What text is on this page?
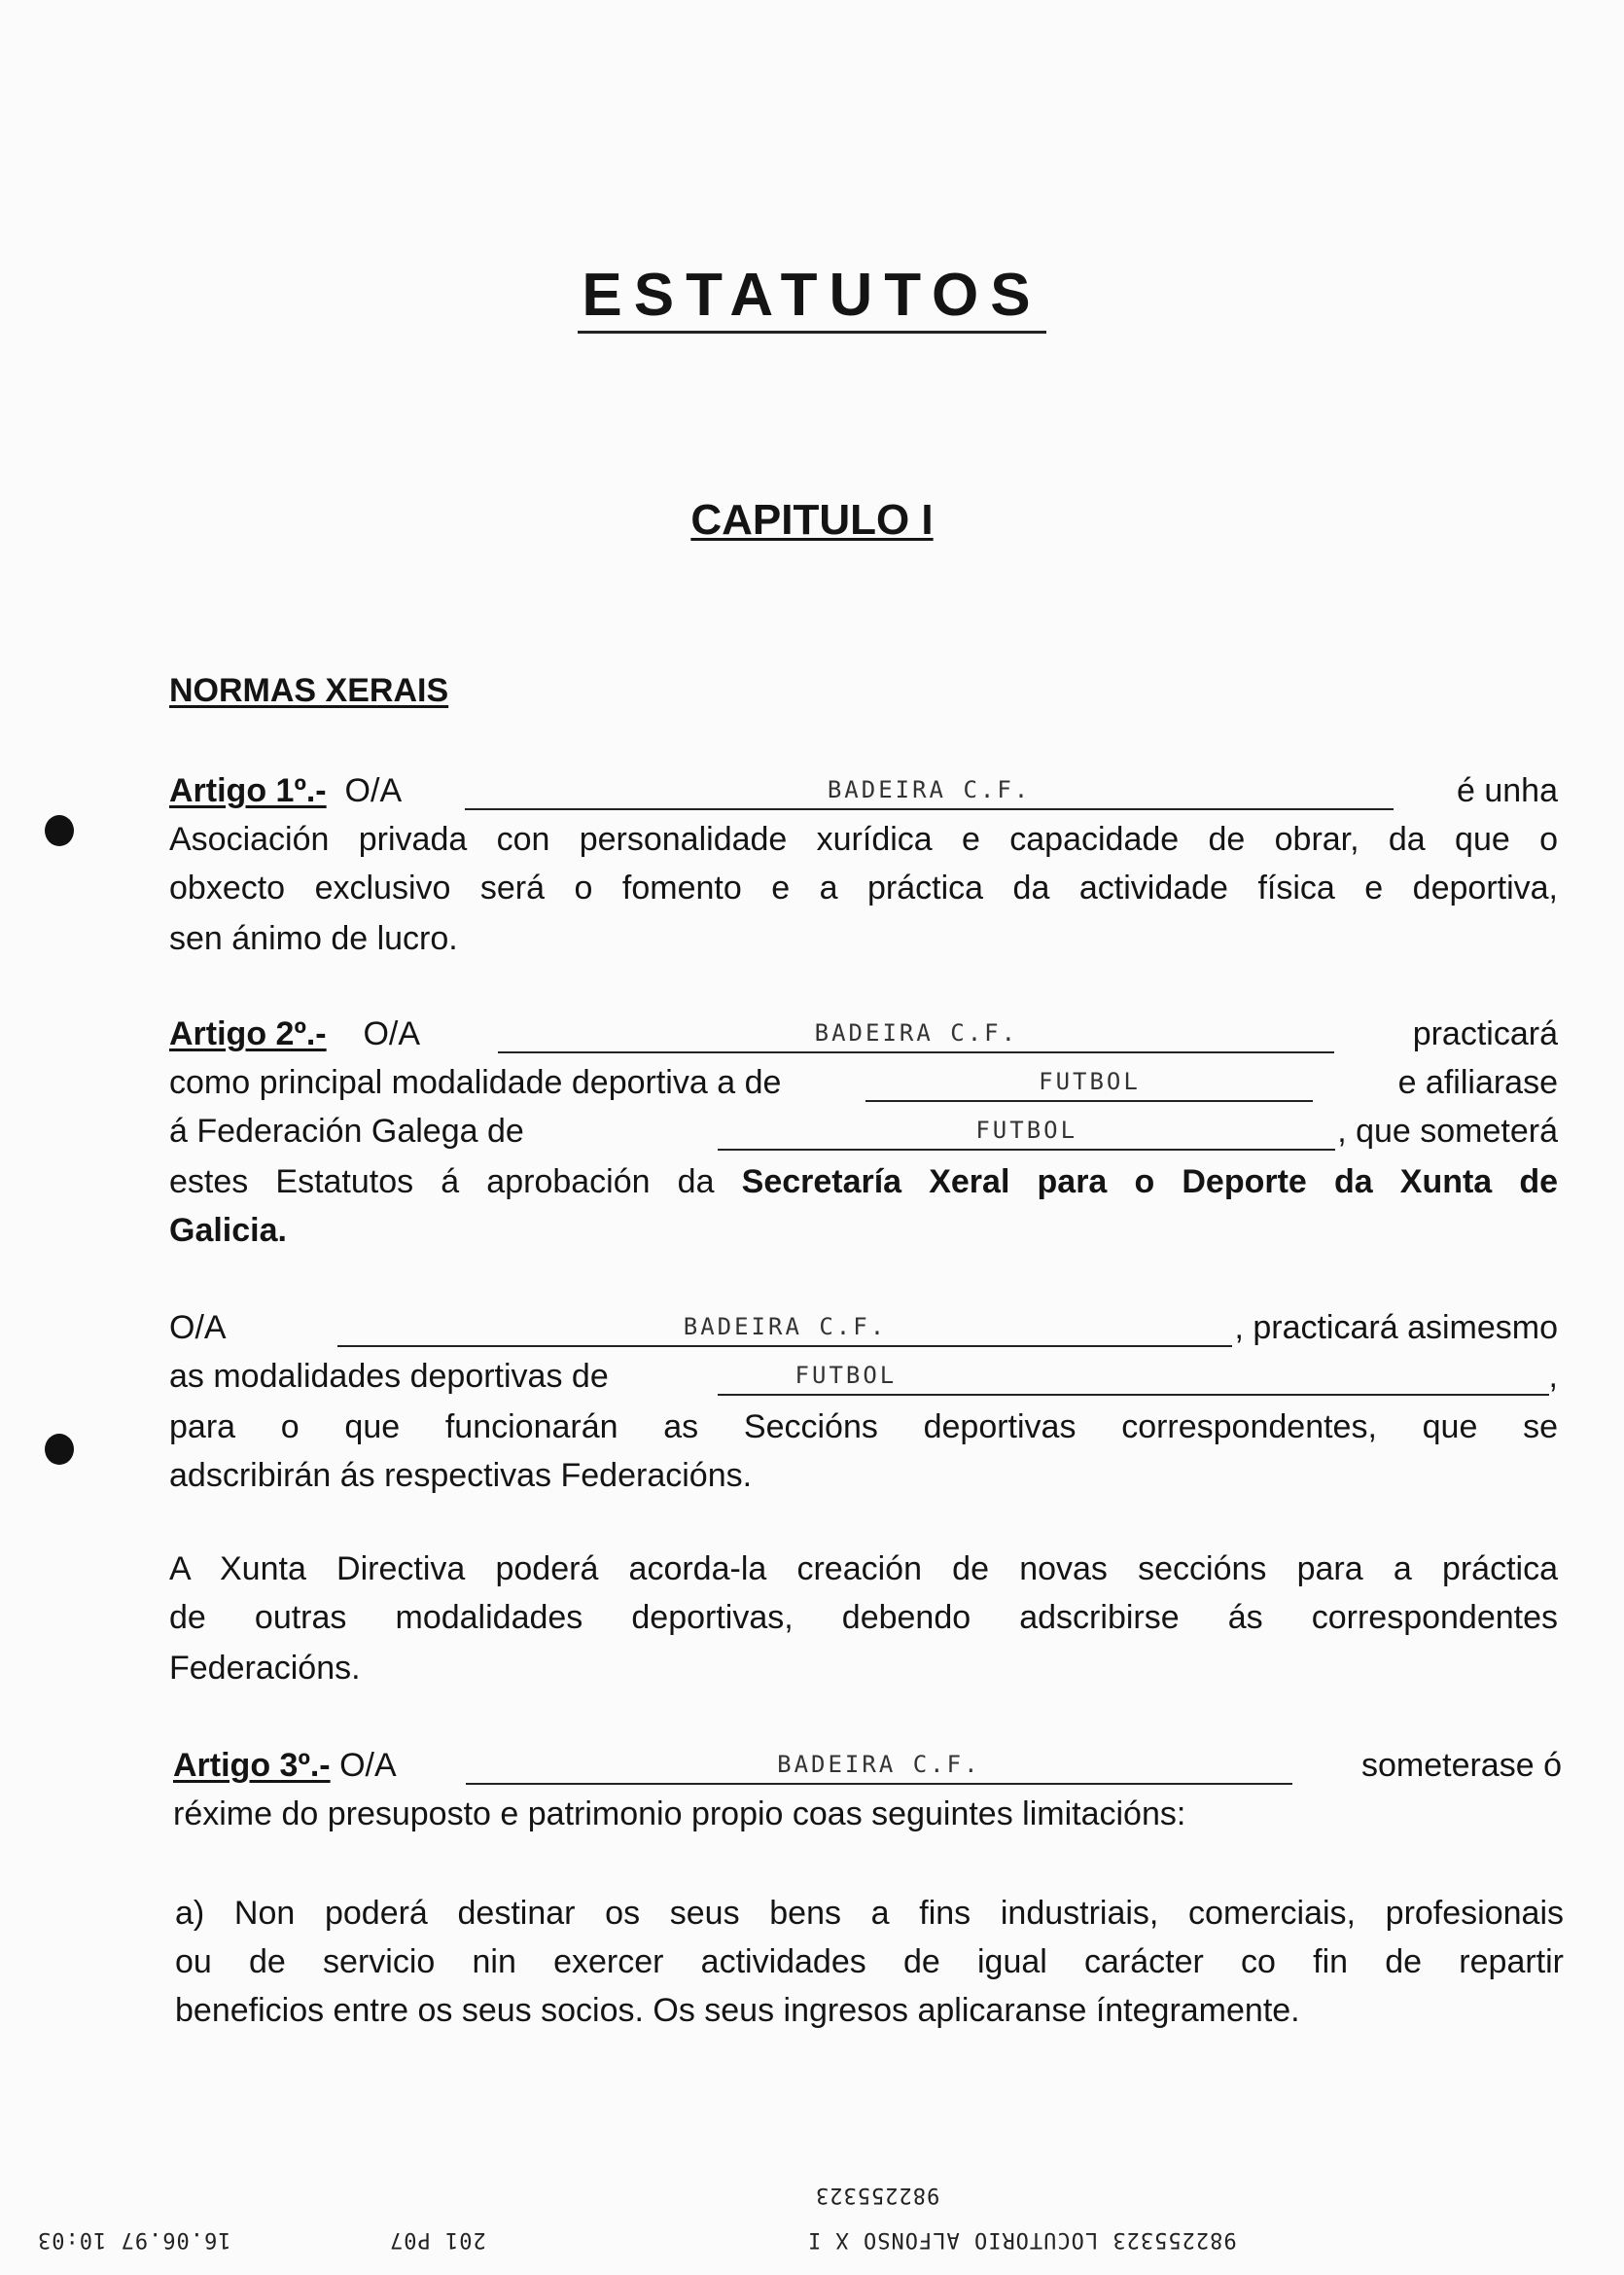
ESTATUTOS
CAPITULO I
NORMAS XERAIS
Artigo 1º.- O/A	BADEIRA C.F.	é unha
Asociación privada con personalidade xurídica e capacidade de obrar, da que o
obxecto exclusivo será o fomento e a práctica da actividade física e deportiva,
sen ánimo de lucro.
Artigo 2º.- O/A	BADEIRA C.F.	practicará
como principal modalidade deportiva a de	FUTBOL	e afiliarase
á Federación Galega de	FUTBOL	, que someterá
estes Estatutos á aprobación da Secretaría Xeral para o Deporte da Xunta de
Galicia.
O/A	BADEIRA C.F.	, practicará asimesmo
as modalidades deportivas de	FUTBOL	,
para o que funcionarán as Seccións deportivas correspondentes, que se
adscribirán ás respectivas Federacións.
A Xunta Directiva poderá acorda-la creación de novas seccións para a práctica
de outras modalidades deportivas, debendo adscribirse ás correspondentes
Federacións.
Artigo 3º.- O/A	BADEIRA C.F.	someterase ó
réxime do presuposto e patrimonio propio coas seguintes limitacións:
a) Non poderá destinar os seus bens a fins industriais, comerciais, profesionais
ou de servicio nin exercer actividades de igual carácter co fin de repartir
beneficios entre os seus socios. Os seus ingresos aplicaranse íntegramente.
982255323
982255323 LOCUTORIO ALFONSO X I
201 P07
16.06.97 10:03
